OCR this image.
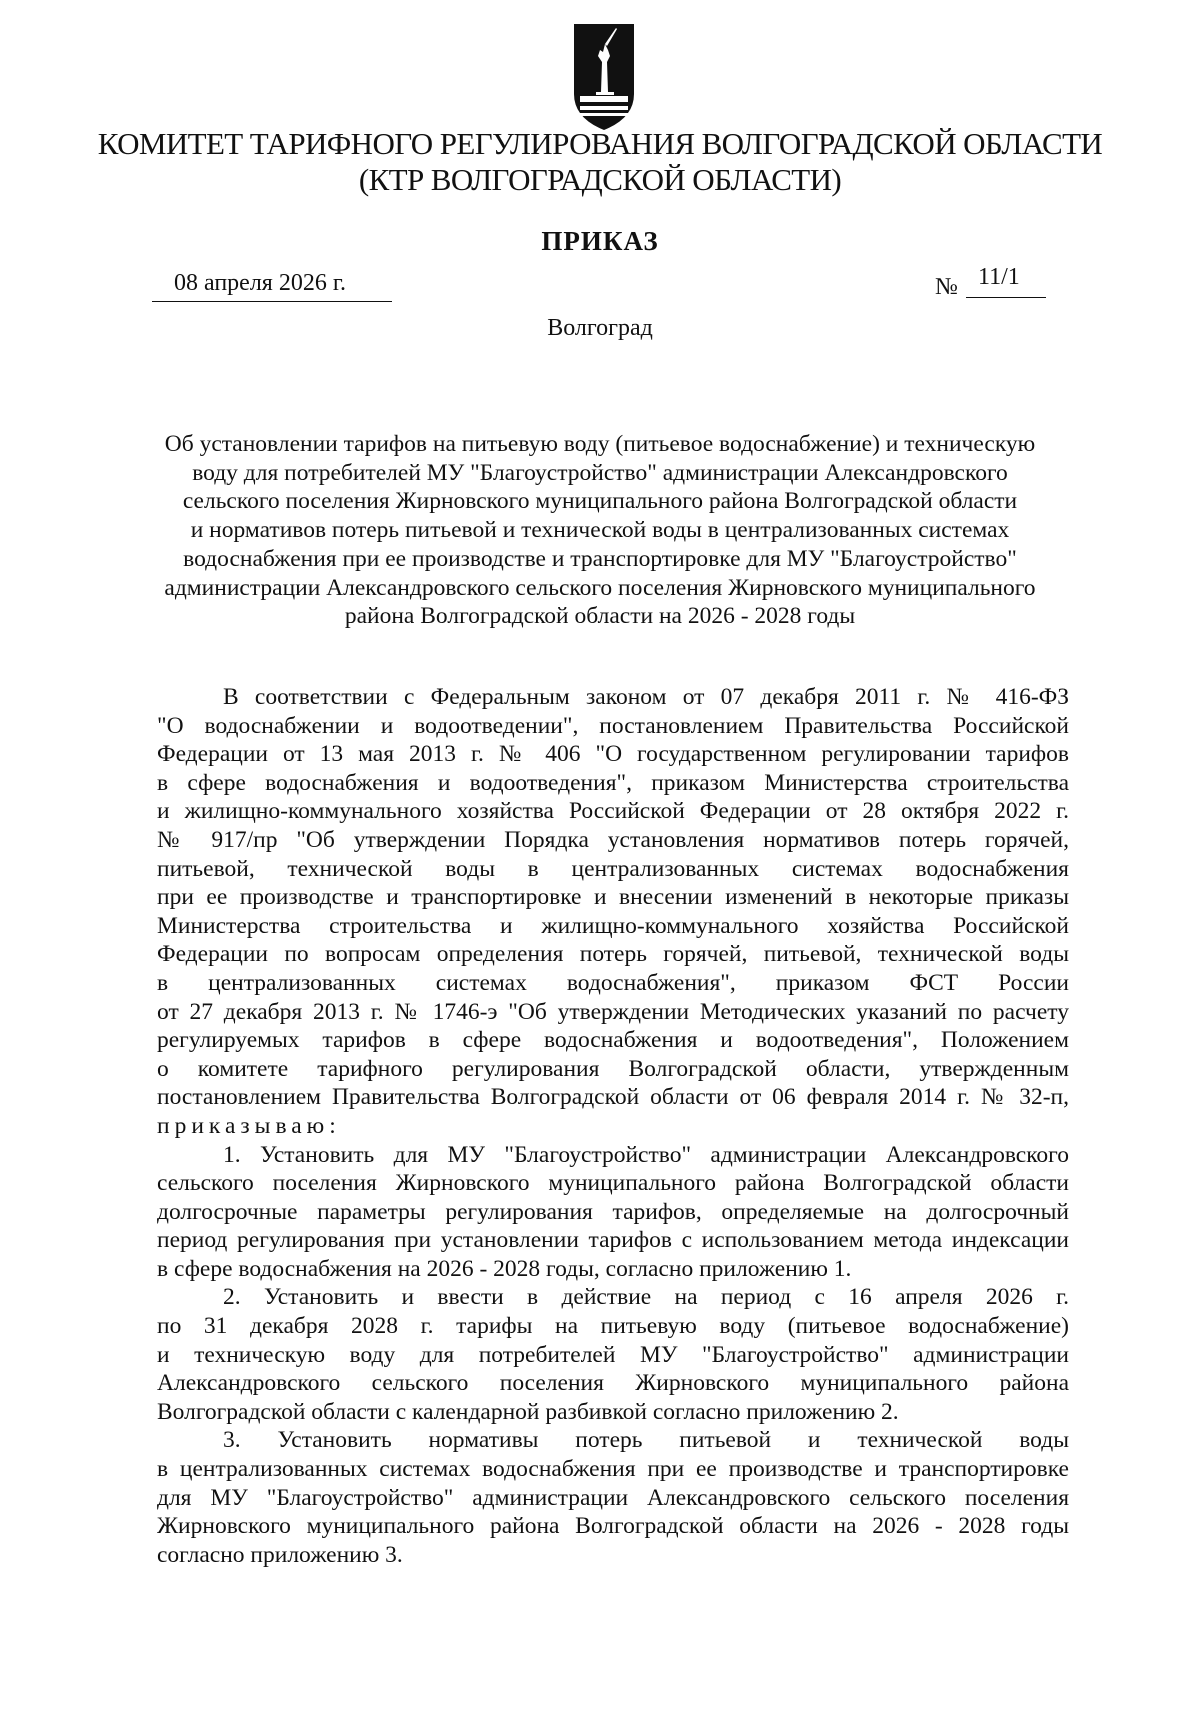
КОМИТЕТ ТАРИФНОГО РЕГУЛИРОВАНИЯ ВОЛГОГРАДСКОЙ ОБЛАСТИ
(КТР ВОЛГОГРАДСКОЙ ОБЛАСТИ)
ПРИКАЗ
08 апреля 2026 г.	№ 11/1
Волгоград
Об установлении тарифов на питьевую воду (питьевое водоснабжение) и техническую
воду для потребителей МУ "Благоустройство" администрации Александровского
сельского поселения Жирновского муниципального района Волгоградской области
и нормативов потерь питьевой и технической воды в централизованных системах
водоснабжения при ее производстве и транспортировке для МУ "Благоустройство"
администрации Александровского сельского поселения Жирновского муниципального
района Волгоградской области на 2026 - 2028 годы
В соответствии с Федеральным законом от 07 декабря 2011 г. № 416-ФЗ
"О водоснабжении и водоотведении", постановлением Правительства Российской
Федерации от 13 мая 2013 г. № 406 "О государственном регулировании тарифов
в сфере водоснабжения и водоотведения", приказом Министерства строительства
и жилищно-коммунального хозяйства Российской Федерации от 28 октября 2022 г.
№ 917/пр "Об утверждении Порядка установления нормативов потерь горячей,
питьевой, технической воды в централизованных системах водоснабжения
при ее производстве и транспортировке и внесении изменений в некоторые приказы
Министерства строительства и жилищно-коммунального хозяйства Российской
Федерации по вопросам определения потерь горячей, питьевой, технической воды
в централизованных системах водоснабжения", приказом ФСТ России
от 27 декабря 2013 г. № 1746-э "Об утверждении Методических указаний по расчету
регулируемых тарифов в сфере водоснабжения и водоотведения", Положением
о комитете тарифного регулирования Волгоградской области, утвержденным
постановлением Правительства Волгоградской области от 06 февраля 2014 г. № 32-п,
приказываю:
1. Установить для МУ "Благоустройство" администрации Александровского
сельского поселения Жирновского муниципального района Волгоградской области
долгосрочные параметры регулирования тарифов, определяемые на долгосрочный
период регулирования при установлении тарифов с использованием метода индексации
в сфере водоснабжения на 2026 - 2028 годы, согласно приложению 1.
2. Установить и ввести в действие на период с 16 апреля 2026 г.
по 31 декабря 2028 г. тарифы на питьевую воду (питьевое водоснабжение)
и техническую воду для потребителей МУ "Благоустройство" администрации
Александровского сельского поселения Жирновского муниципального района
Волгоградской области с календарной разбивкой согласно приложению 2.
3. Установить нормативы потерь питьевой и технической воды
в централизованных системах водоснабжения при ее производстве и транспортировке
для МУ "Благоустройство" администрации Александровского сельского поселения
Жирновского муниципального района Волгоградской области на 2026 - 2028 годы
согласно приложению 3.
